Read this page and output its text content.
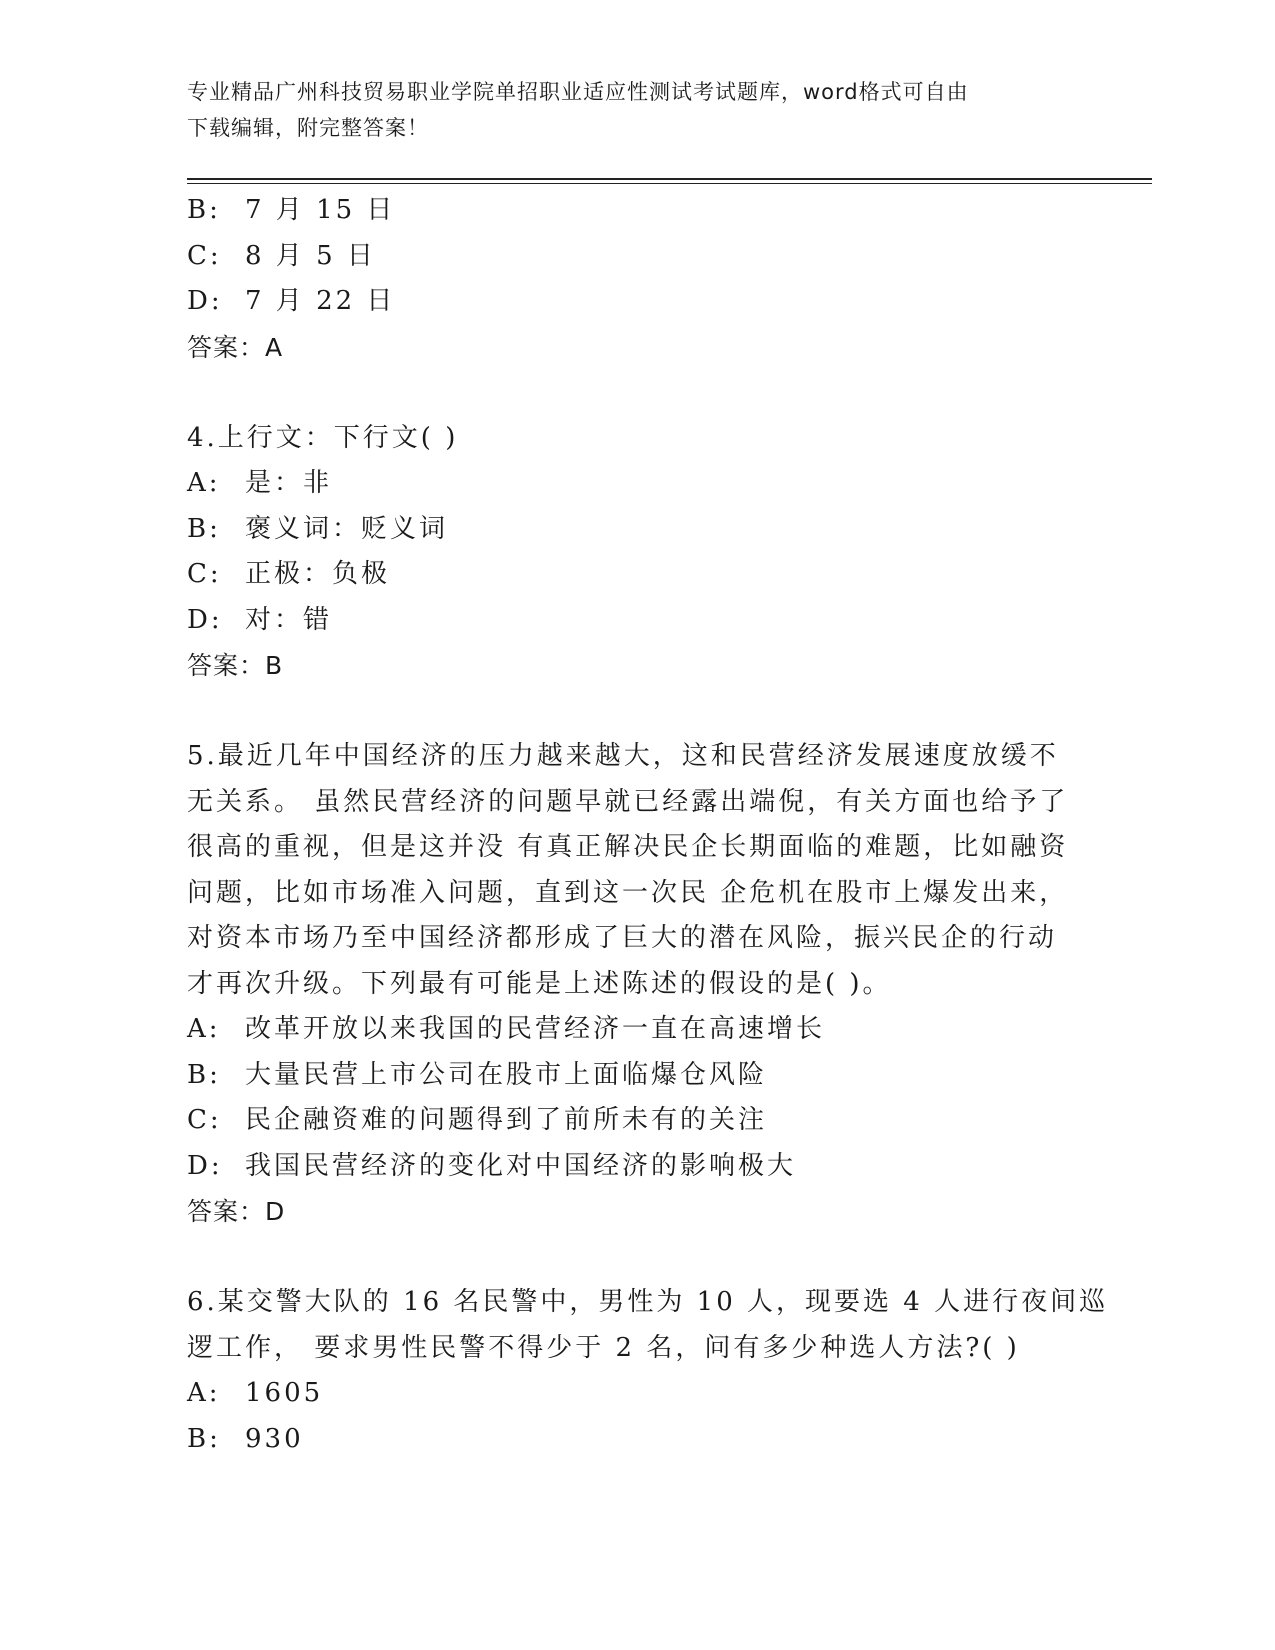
专业精品广州科技贸易职业学院单招职业适应性测试考试题库，word格式可自由
下载编辑，附完整答案！
B: 7 月 15 日
C: 8 月 5 日
D: 7 月 22 日
答案：A
4.上行文：下行文( )
A: 是：非
B: 褒义词：贬义词
C: 正极：负极
D: 对：错
答案：B
5.最近几年中国经济的压力越来越大，这和民营经济发展速度放缓不
无关系。 虽然民营经济的问题早就已经露出端倪，有关方面也给予了
很高的重视，但是这并没 有真正解决民企长期面临的难题，比如融资
问题，比如市场准入问题，直到这一次民 企危机在股市上爆发出来，
对资本市场乃至中国经济都形成了巨大的潜在风险，振兴民企的行动
才再次升级。下列最有可能是上述陈述的假设的是( )。
A: 改革开放以来我国的民营经济一直在高速增长
B: 大量民营上市公司在股市上面临爆仓风险
C: 民企融资难的问题得到了前所未有的关注
D: 我国民营经济的变化对中国经济的影响极大
答案：D
6.某交警大队的 16 名民警中，男性为 10 人，现要选 4 人进行夜间巡
逻工作， 要求男性民警不得少于 2 名，问有多少种选人方法?( )
A: 1605
B: 930
